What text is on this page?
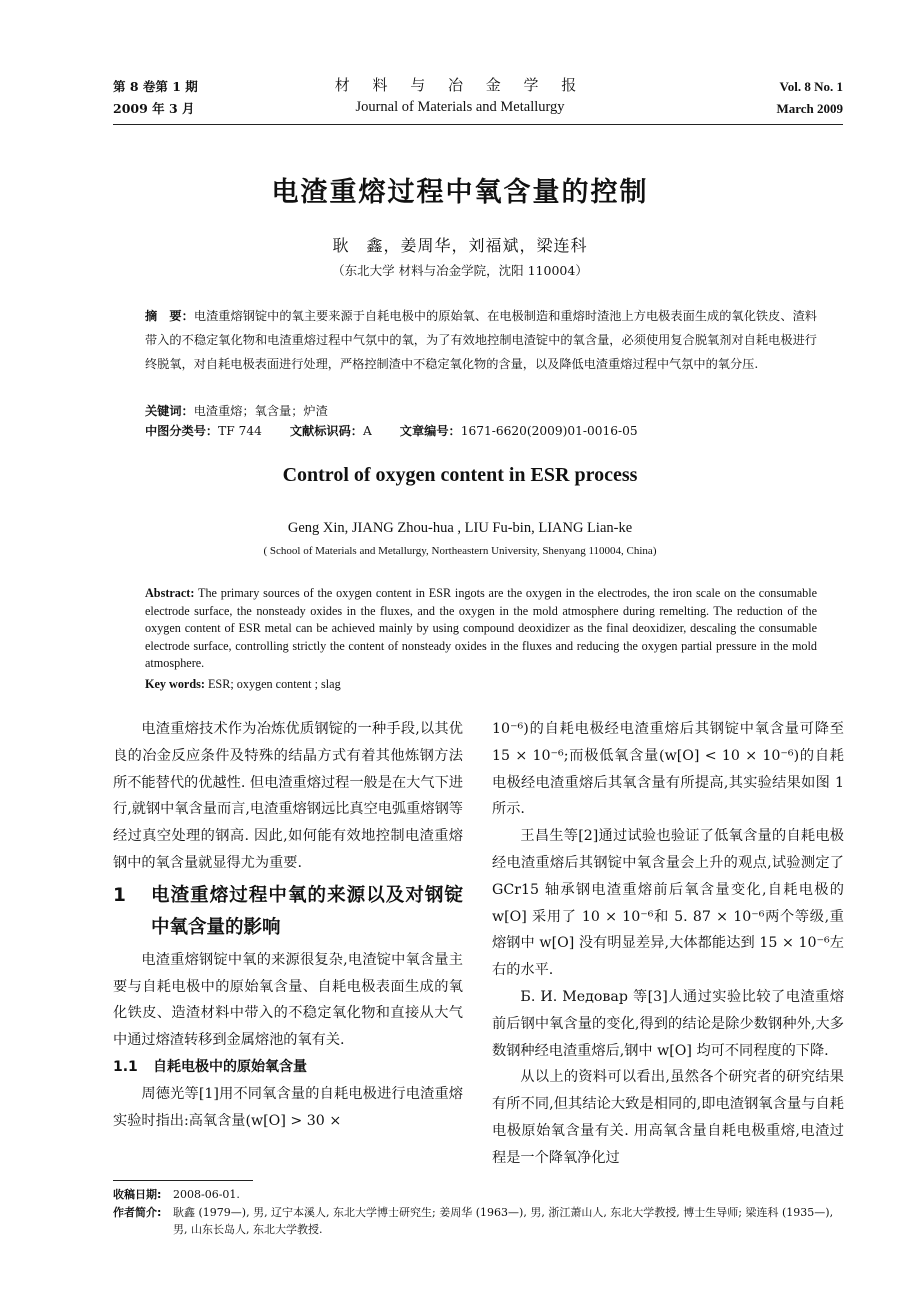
第 8 卷第 1 期
2009 年 3 月
材 料 与 冶 金 学 报
Journal of Materials and Metallurgy
Vol. 8 No. 1
March 2009
电渣重熔过程中氧含量的控制
耿　鑫，姜周华，刘福斌，梁连科
（东北大学 材料与冶金学院，沈阳 110004）
摘　要：电渣重熔钢锭中的氧主要来源于自耗电极中的原始氧、在电极制造和重熔时渣池上方电极表面生成的氧化铁皮、渣料带入的不稳定氧化物和电渣重熔过程中气氛中的氧，为了有效地控制电渣锭中的氧含量，必须使用复合脱氧剂对自耗电极进行终脱氧，对自耗电极表面进行处理，严格控制渣中不稳定氧化物的含量，以及降低电渣重熔过程中气氛中的氧分压.
关键词：电渣重熔；氧含量；炉渣
中图分类号：TF 744 文献标识码：A 文章编号：1671-6620(2009)01-0016-05
Control of oxygen content in ESR process
Geng Xin, JIANG Zhou-hua , LIU Fu-bin, LIANG Lian-ke
( School of Materials and Metallurgy, Northeastern University, Shenyang 110004, China)
Abstract: The primary sources of the oxygen content in ESR ingots are the oxygen in the electrodes, the iron scale on the consumable electrode surface, the nonsteady oxides in the fluxes, and the oxygen in the mold atmosphere during remelting. The reduction of the oxygen content of ESR metal can be achieved mainly by using compound deoxidizer as the final deoxidizer, descaling the consumable electrode surface, controlling strictly the content of nonsteady oxides in the fluxes and reducing the oxygen partial pressure in the mold atmosphere.
Key words: ESR; oxygen content ; slag

电渣重熔技术作为冶炼优质钢锭的一种手段,以其优良的冶金反应条件及特殊的结晶方式有着其他炼钢方法所不能替代的优越性. 但电渣重熔过程一般是在大气下进行,就钢中氧含量而言,电渣重熔钢远比真空电弧重熔钢等经过真空处理的钢高. 因此,如何能有效地控制电渣重熔钢中的氧含量就显得尤为重要.

1	电渣重熔过程中氧的来源以及对钢锭中氧含量的影响

电渣重熔钢锭中氧的来源很复杂,电渣锭中氧含量主要与自耗电极中的原始氧含量、自耗电极表面生成的氧化铁皮、造渣材料中带入的不稳定氧化物和直接从大气中通过熔渣转移到金属熔池的氧有关.

1.1 自耗电极中的原始氧含量

周德光等[1]用不同氧含量的自耗电极进行电渣重熔实验时指出:高氧含量(w[O] > 30 ×

10⁻⁶)的自耗电极经电渣重熔后其钢锭中氧含量可降至 15 × 10⁻⁶;而极低氧含量(w[O] < 10 × 10⁻⁶)的自耗电极经电渣重熔后其氧含量有所提高,其实验结果如图 1 所示.

王昌生等[2]通过试验也验证了低氧含量的自耗电极经电渣重熔后其钢锭中氧含量会上升的观点,试验测定了 GCr15 轴承钢电渣重熔前后氧含量变化,自耗电极的 w[O] 采用了 10 × 10⁻⁶和 5. 87 × 10⁻⁶两个等级,重熔钢中 w[O] 没有明显差异,大体都能达到 15 × 10⁻⁶左右的水平.

Б. И. Медовар 等[3]人通过实验比较了电渣重熔前后钢中氧含量的变化,得到的结论是除少数钢种外,大多数钢种经电渣重熔后,钢中 w[O] 均可不同程度的下降.

从以上的资料可以看出,虽然各个研究者的研究结果有所不同,但其结论大致是相同的,即电渣钢氧含量与自耗电极原始氧含量有关. 用高氧含量自耗电极重熔,电渣过程是一个降氧净化过

收稿日期:	2008-06-01.
作者简介:	耿鑫 (1979—), 男, 辽宁本溪人, 东北大学博士研究生; 姜周华 (1963—), 男, 浙江萧山人, 东北大学教授, 博士生导师; 梁连科 (1935—), 男, 山东长岛人, 东北大学教授.
